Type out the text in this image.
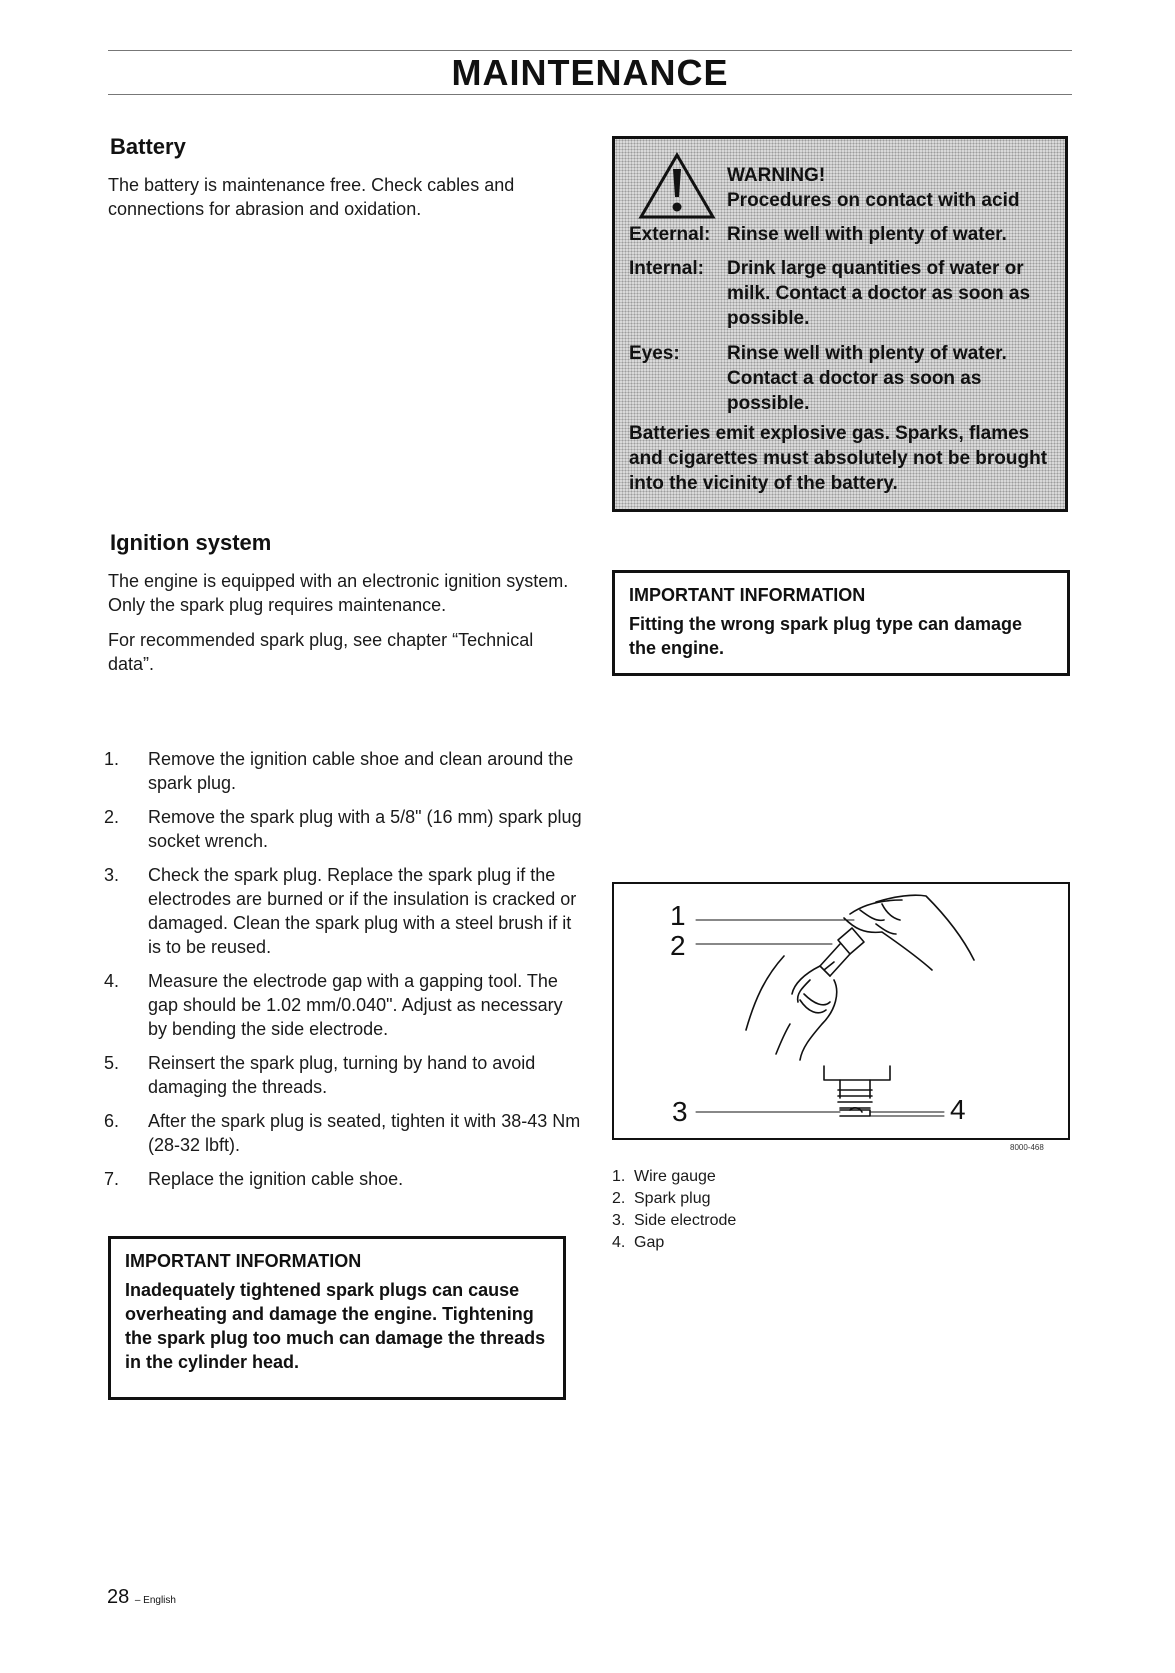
MAINTENANCE
Battery

The battery is maintenance free. Check cables and connections for abrasion and oxidation.

WARNING!
Procedures on contact with acid
External: Rinse well with plenty of water.
Internal: Drink large quantities of water or milk. Contact a doctor as soon as possible.
Eyes: Rinse well with plenty of water. Contact a doctor as soon as possible.
Batteries emit explosive gas. Sparks, flames and cigarettes must absolutely not be brought into the vicinity of the battery.
Ignition system

The engine is equipped with an electronic ignition system. Only the spark plug requires maintenance.

For recommended spark plug, see chapter “Technical data”.

IMPORTANT INFORMATION
Fitting the wrong spark plug type can damage the engine.
1. Remove the ignition cable shoe and clean around the spark plug.
2. Remove the spark plug with a 5/8" (16 mm) spark plug socket wrench.
3. Check the spark plug. Replace the spark plug if the electrodes are burned or if the insulation is cracked or damaged. Clean the spark plug with a steel brush if it is to be reused.
4. Measure the electrode gap with a gapping tool. The gap should be 1.02 mm/0.040". Adjust as necessary by bending the side electrode.
5. Reinsert the spark plug, turning by hand to avoid damaging the threads.
6. After the spark plug is seated, tighten it with 38-43 Nm (28-32 lbft).
7. Replace the ignition cable shoe.
IMPORTANT INFORMATION
Inadequately tightened spark plugs can cause overheating and damage the engine. Tightening the spark plug too much can damage the threads in the cylinder head.
1
2
3	4
8000-468
1. Wire gauge
2. Spark plug
3. Side electrode
4. Gap
28 – English
